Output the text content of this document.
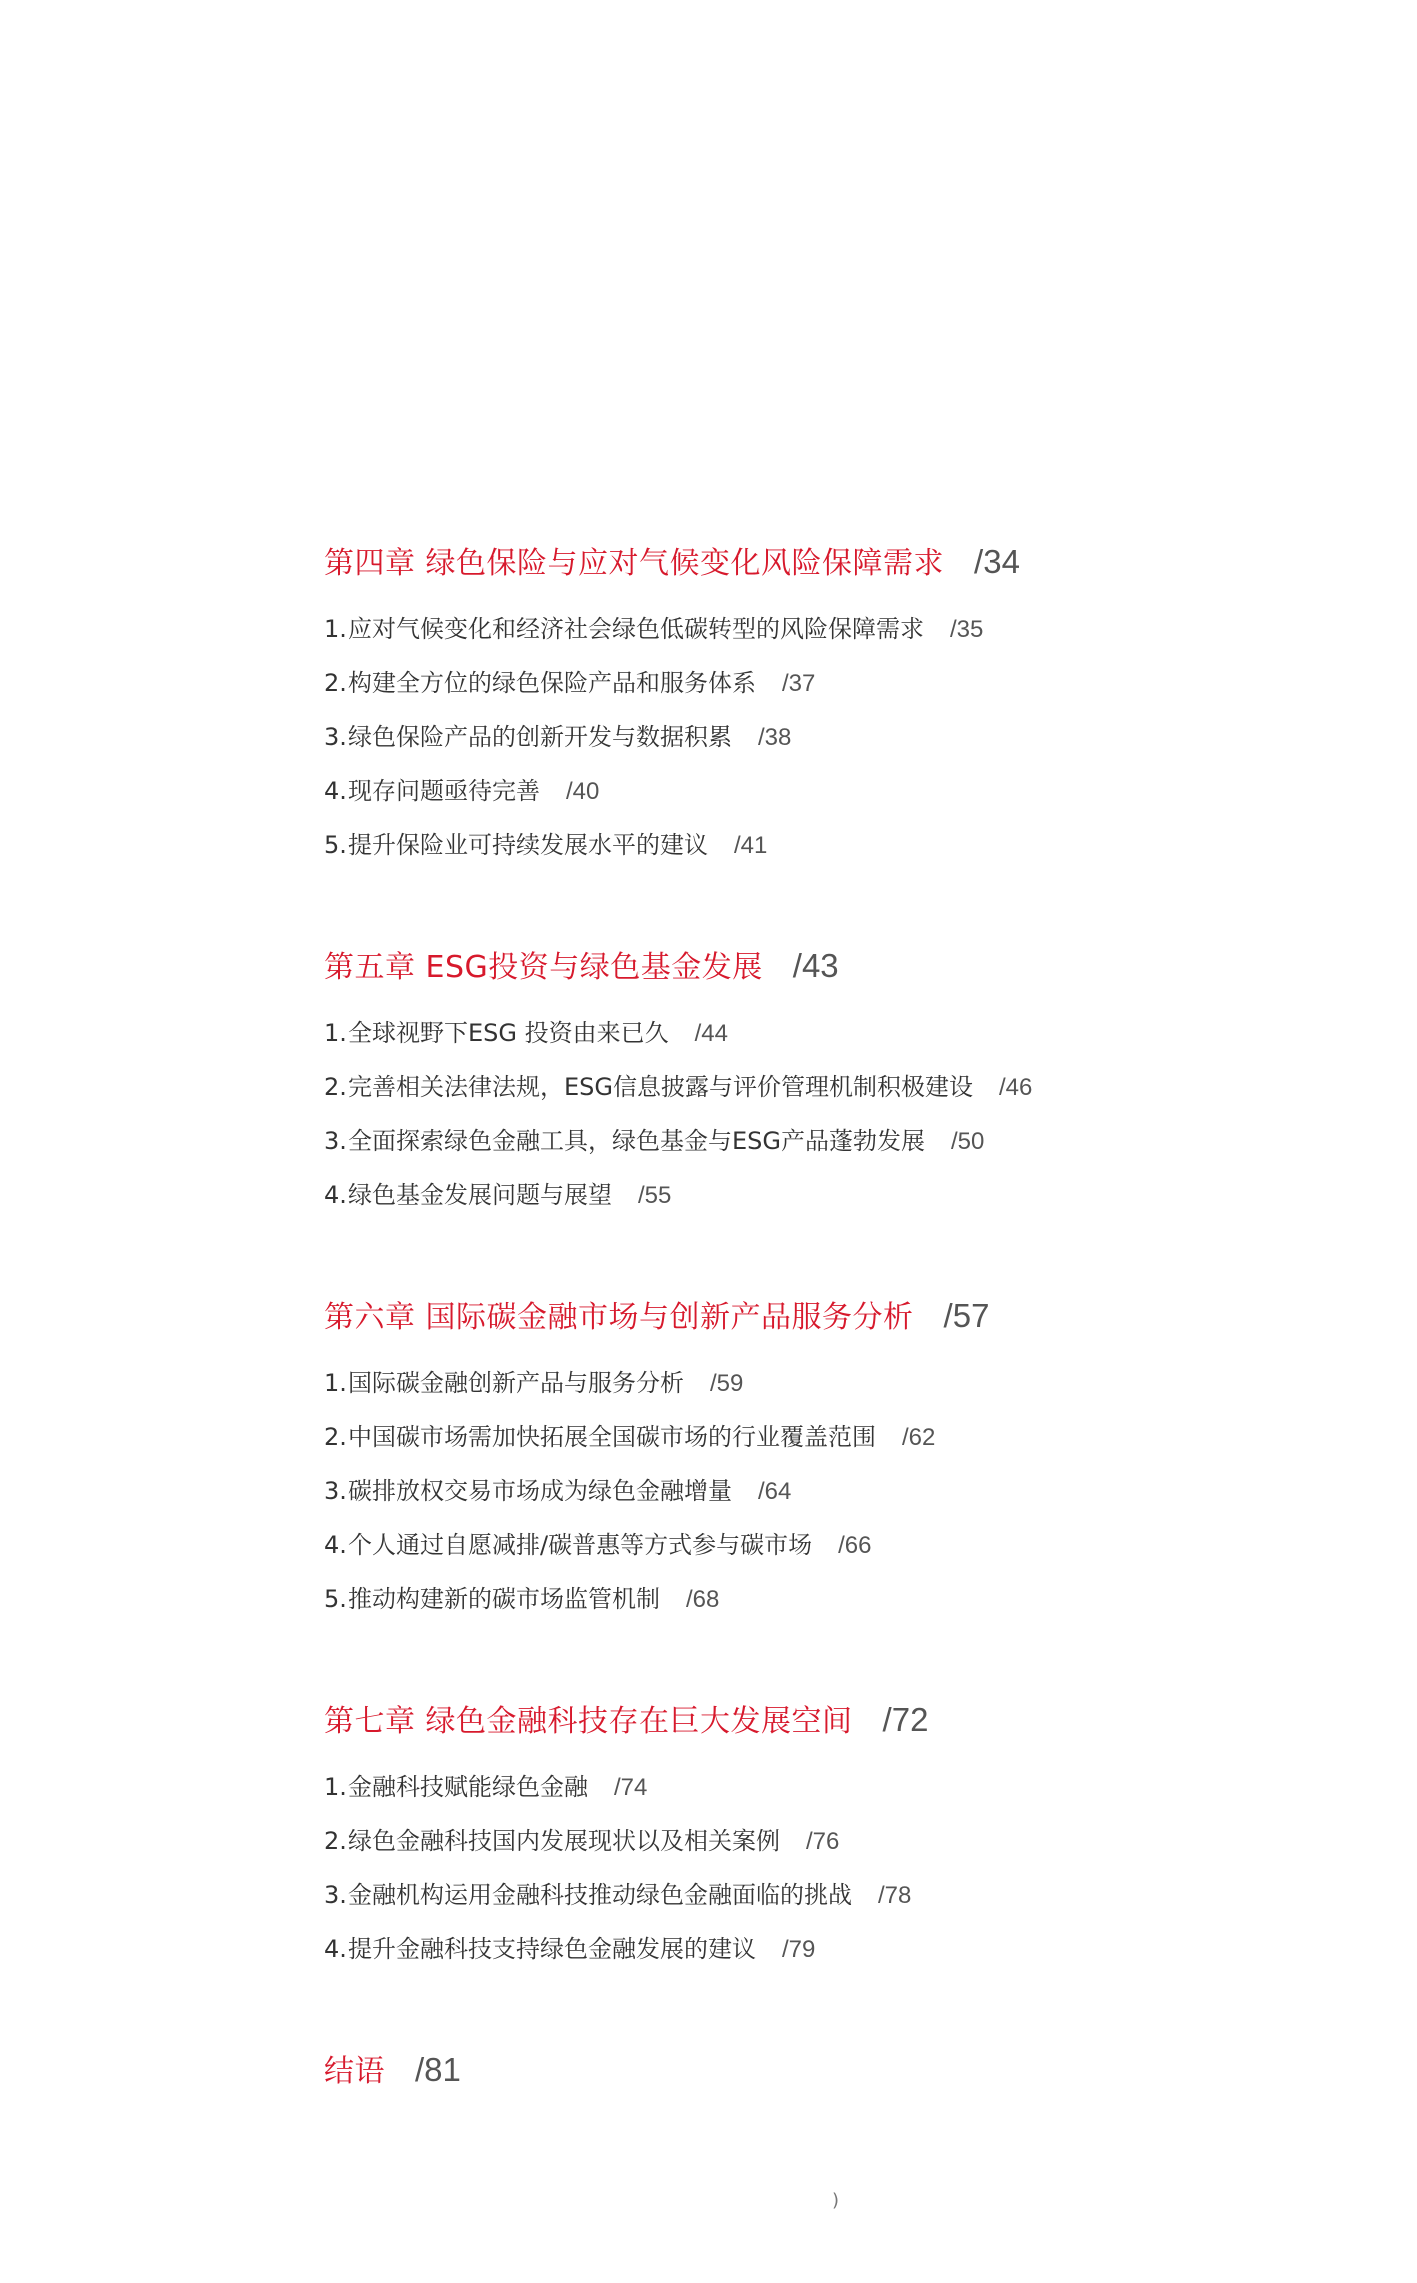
第四章 绿色保险与应对气候变化风险保障需求 /34
1. 应对气候变化和经济社会绿色低碳转型的风险保障需求 /35
2. 构建全方位的绿色保险产品和服务体系 /37
3. 绿色保险产品的创新开发与数据积累 /38
4. 现存问题亟待完善 /40
5. 提升保险业可持续发展水平的建议 /41
第五章 ESG投资与绿色基金发展 /43
1. 全球视野下ESG 投资由来已久 /44
2. 完善相关法律法规，ESG信息披露与评价管理机制积极建设 /46
3. 全面探索绿色金融工具，绿色基金与ESG产品蓬勃发展 /50
4. 绿色基金发展问题与展望 /55
第六章 国际碳金融市场与创新产品服务分析 /57
1. 国际碳金融创新产品与服务分析 /59
2. 中国碳市场需加快拓展全国碳市场的行业覆盖范围 /62
3. 碳排放权交易市场成为绿色金融增量 /64
4. 个人通过自愿减排/碳普惠等方式参与碳市场 /66
5. 推动构建新的碳市场监管机制 /68
第七章 绿色金融科技存在巨大发展空间 /72
1. 金融科技赋能绿色金融 /74
2. 绿色金融科技国内发展现状以及相关案例 /76
3. 金融机构运用金融科技推动绿色金融面临的挑战 /78
4. 提升金融科技支持绿色金融发展的建议 /79
结语 /81
)
